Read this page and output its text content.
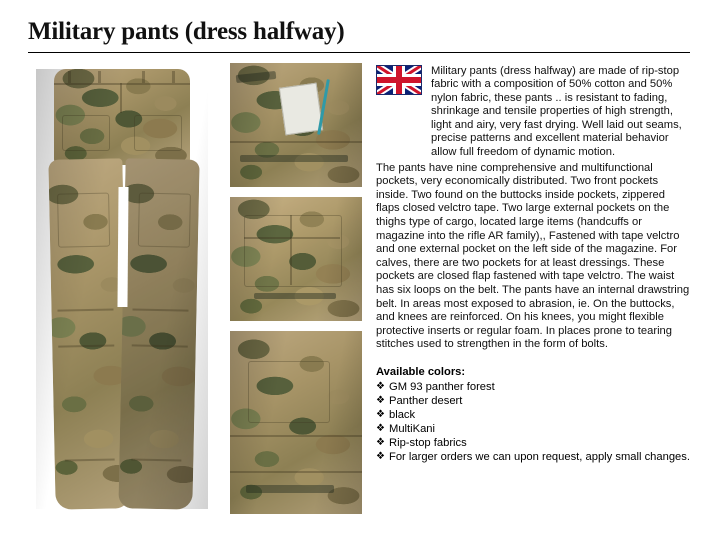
Military pants (dress halfway)
Military pants (dress halfway) are made of rip-stop fabric with a composition of 50% cotton and 50% nylon fabric, these pants .. is resistant to fading, shrinkage and tensile properties of high strength, light and airy, very fast drying. Well laid out seams, precise patterns and excellent material behavior allow full freedom of dynamic motion.
The pants have nine comprehensive and multifunctional pockets, very economically distributed. Two front pockets inside. Two found on the buttocks inside pockets, zippered flaps closed velctro tape. Two large external pockets on the thighs type of cargo, located large items (handcuffs or magazine into the rifle AR family),, Fastened with tape velctro and one external pocket on the left side of the magazine. For calves, there are two pockets for at least dressings. These pockets are closed flap fastened with tape velctro. The waist has six loops on the belt. The pants have an internal drawstring belt. In areas most exposed to abrasion, ie. On the buttocks, and knees are reinforced. On his knees, you might flexible protective inserts or regular foam. In places prone to tearing stitches used to strengthen in the form of bolts.
Available colors:
❖ GM 93 panther forest
❖ Panther desert
❖ black
❖ MultiKani
❖ Rip-stop fabrics
❖ For larger orders we can upon request, apply small changes.
